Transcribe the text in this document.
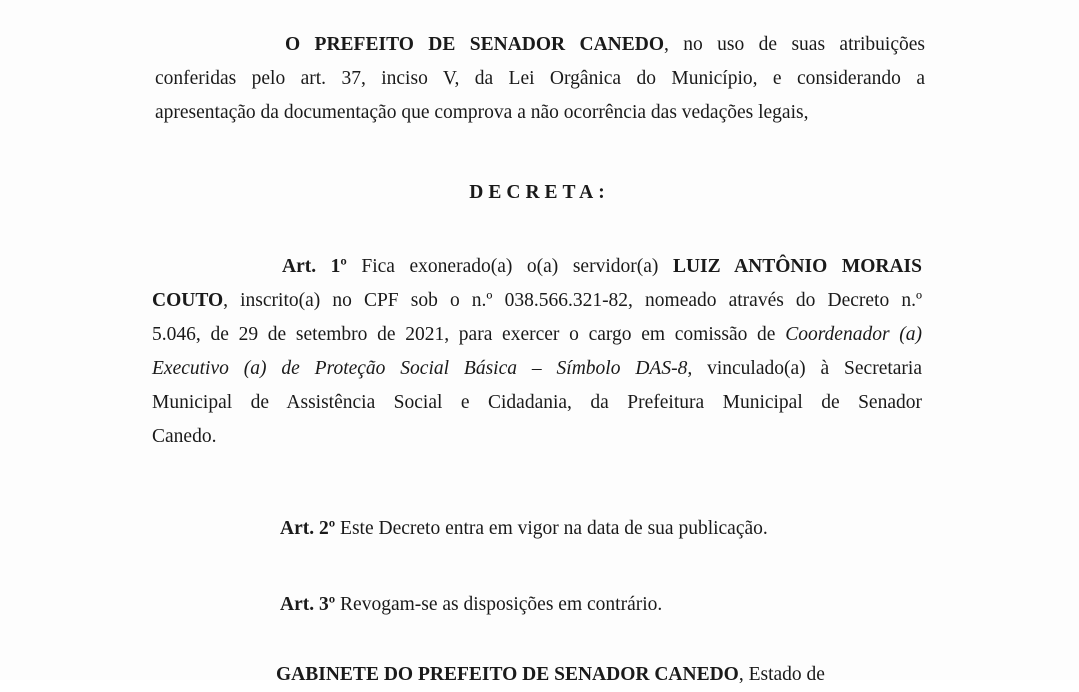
O PREFEITO DE SENADOR CANEDO, no uso de suas atribuições
conferidas pelo art. 37, inciso V, da Lei Orgânica do Município, e considerando a
apresentação da documentação que comprova a não ocorrência das vedações legais,

DECRETA:

Art. 1º Fica exonerado(a) o(a) servidor(a) LUIZ ANTÔNIO MORAIS
COUTO, inscrito(a) no CPF sob o n.º 038.566.321-82, nomeado através do Decreto n.º
5.046, de 29 de setembro de 2021, para exercer o cargo em comissão de Coordenador (a)
Executivo (a) de Proteção Social Básica – Símbolo DAS-8, vinculado(a) à Secretaria
Municipal de Assistência Social e Cidadania, da Prefeitura Municipal de Senador
Canedo.
Art. 2º Este Decreto entra em vigor na data de sua publicação.
Art. 3º Revogam-se as disposições em contrário.
GABINETE DO PREFEITO DE SENADOR CANEDO, Estado de
